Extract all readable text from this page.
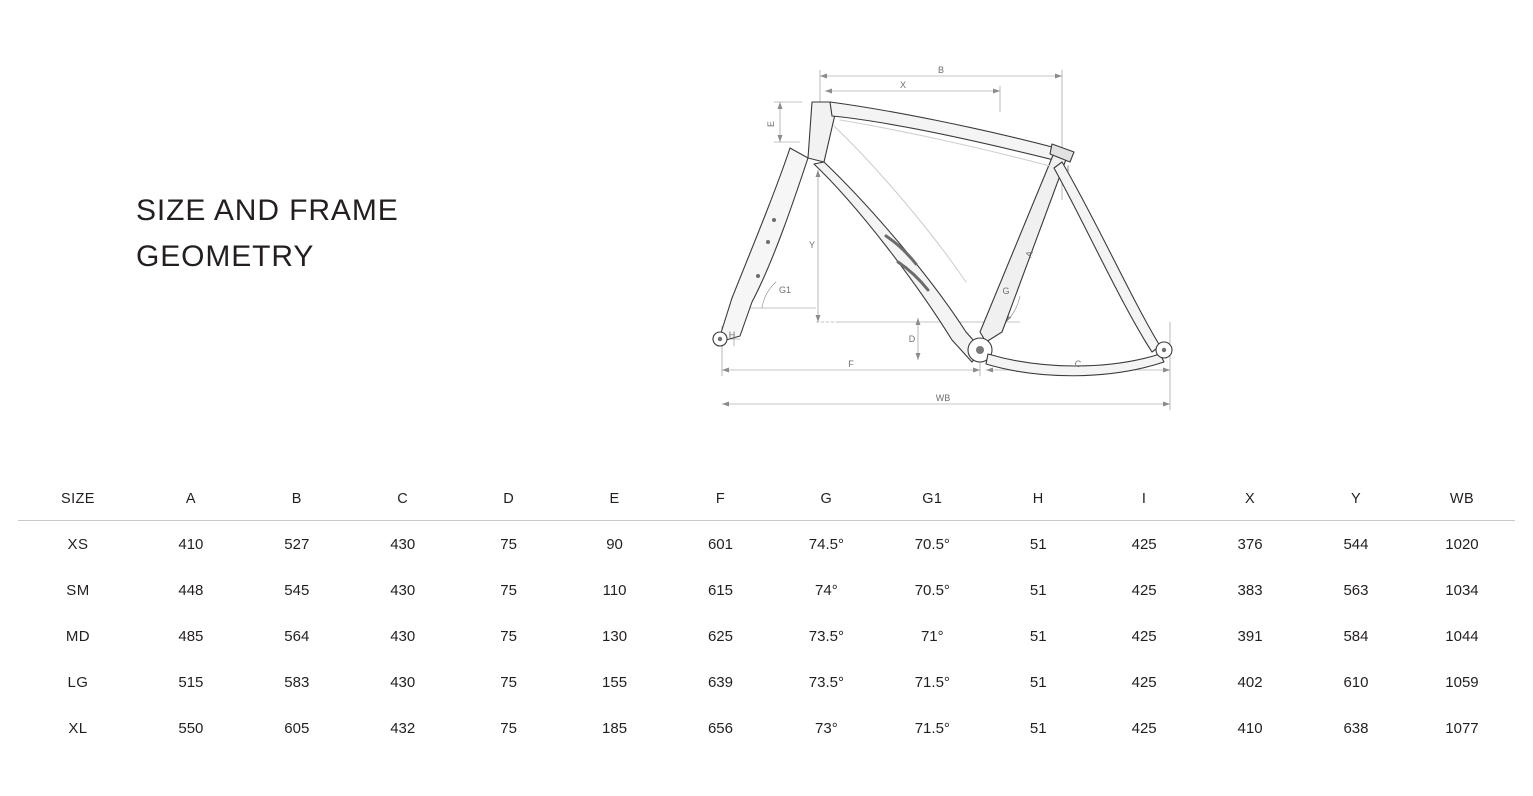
SIZE AND FRAME
GEOMETRY
B
X
E
Y
D
H
F	C
WB
G1	G
A
I
SIZE	A	B	C	D	E	F	G	G1	H	I	X	Y	WB
XS	410	527	430	75	90	601	74.5°	70.5°	51	425	376	544	1020
SM	448	545	430	75	110	615	74°	70.5°	51	425	383	563	1034
MD	485	564	430	75	130	625	73.5°	71°	51	425	391	584	1044
LG	515	583	430	75	155	639	73.5°	71.5°	51	425	402	610	1059
XL	550	605	432	75	185	656	73°	71.5°	51	425	410	638	1077
